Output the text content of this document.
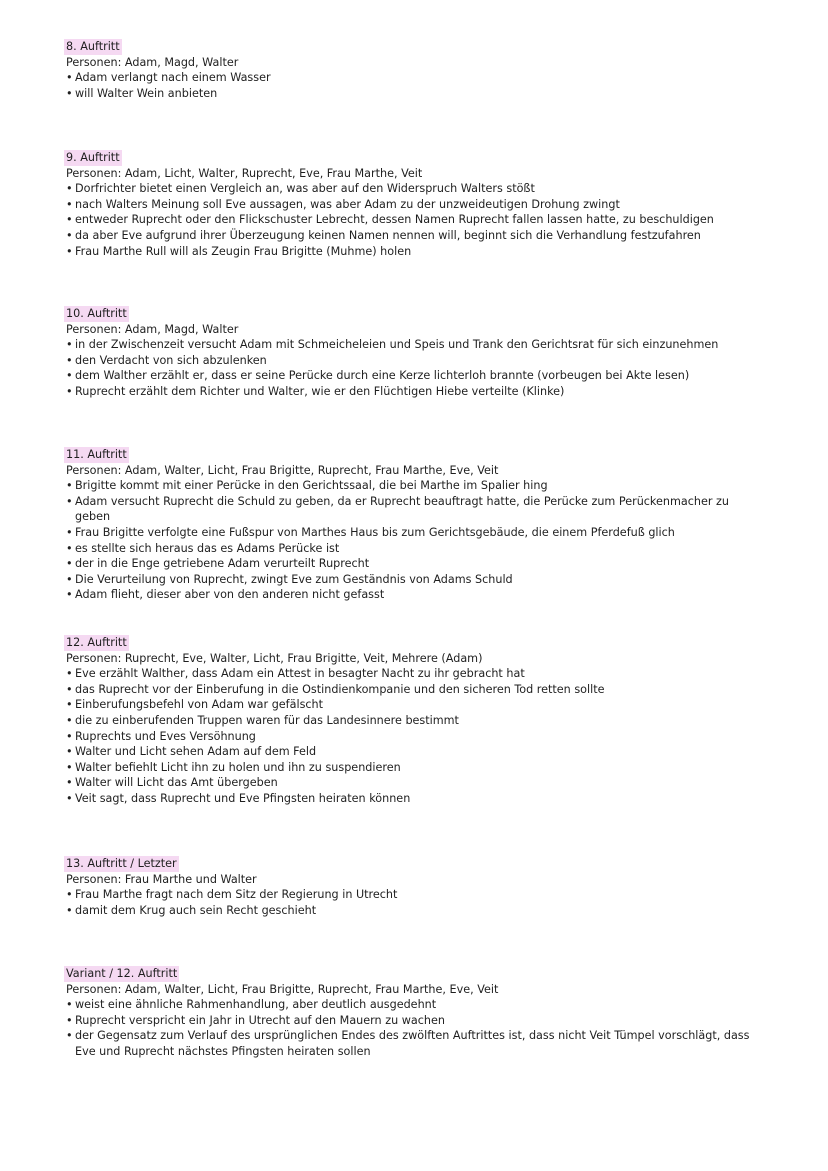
8. Auftritt
Personen: Adam, Magd, Walter
• Adam verlangt nach einem Wasser
• will Walter Wein anbieten
9. Auftritt
Personen: Adam, Licht, Walter, Ruprecht, Eve, Frau Marthe, Veit
• Dorfrichter bietet einen Vergleich an, was aber auf den Widerspruch Walters stößt
• nach Walters Meinung soll Eve aussagen, was aber Adam zu der unzweideutigen Drohung zwingt
• entweder Ruprecht oder den Flickschuster Lebrecht, dessen Namen Ruprecht fallen lassen hatte, zu beschuldigen
• da aber Eve aufgrund ihrer Überzeugung keinen Namen nennen will, beginnt sich die Verhandlung festzufahren
• Frau Marthe Rull will als Zeugin Frau Brigitte (Muhme) holen
10. Auftritt
Personen: Adam, Magd, Walter
• in der Zwischenzeit versucht Adam mit Schmeicheleien und Speis und Trank den Gerichtsrat für sich einzunehmen
• den Verdacht von sich abzulenken
• dem Walther erzählt er, dass er seine Perücke durch eine Kerze lichterloh brannte (vorbeugen bei Akte lesen)
• Ruprecht erzählt dem Richter und Walter, wie er den Flüchtigen Hiebe verteilte (Klinke)
11. Auftritt
Personen: Adam, Walter, Licht, Frau Brigitte, Ruprecht, Frau Marthe, Eve, Veit
• Brigitte kommt mit einer Perücke in den Gerichtssaal, die bei Marthe im Spalier hing
• Adam versucht Ruprecht die Schuld zu geben, da er Ruprecht beauftragt hatte, die Perücke zum Perückenmacher zu geben
• Frau Brigitte verfolgte eine Fußspur von Marthes Haus bis zum Gerichtsgebäude, die einem Pferdefuß glich
• es stellte sich heraus das es Adams Perücke ist
• der in die Enge getriebene Adam verurteilt Ruprecht
• Die Verurteilung von Ruprecht, zwingt Eve zum Geständnis von Adams Schuld
• Adam flieht, dieser aber von den anderen nicht gefasst
12. Auftritt
Personen: Ruprecht, Eve, Walter, Licht, Frau Brigitte, Veit, Mehrere (Adam)
• Eve erzählt Walther, dass Adam ein Attest in besagter Nacht zu ihr gebracht hat
• das Ruprecht vor der Einberufung in die Ostindienkompanie und den sicheren Tod retten sollte
• Einberufungsbefehl von Adam war gefälscht
• die zu einberufenden Truppen waren für das Landesinnere bestimmt
• Ruprechts und Eves Versöhnung
• Walter und Licht sehen Adam auf dem Feld
• Walter befiehlt Licht ihn zu holen und ihn zu suspendieren
• Walter will Licht das Amt übergeben
• Veit sagt, dass Ruprecht und Eve Pfingsten heiraten können
13. Auftritt / Letzter
Personen: Frau Marthe und Walter
• Frau Marthe fragt nach dem Sitz der Regierung in Utrecht
• damit dem Krug auch sein Recht geschieht
Variant / 12. Auftritt
Personen: Adam, Walter, Licht, Frau Brigitte, Ruprecht, Frau Marthe, Eve, Veit
• weist eine ähnliche Rahmenhandlung, aber deutlich ausgedehnt
• Ruprecht verspricht ein Jahr in Utrecht auf den Mauern zu wachen
• der Gegensatz zum Verlauf des ursprünglichen Endes des zwölften Auftrittes ist, dass nicht Veit Tümpel vorschlägt, dass Eve und Ruprecht nächstes Pfingsten heiraten sollen
